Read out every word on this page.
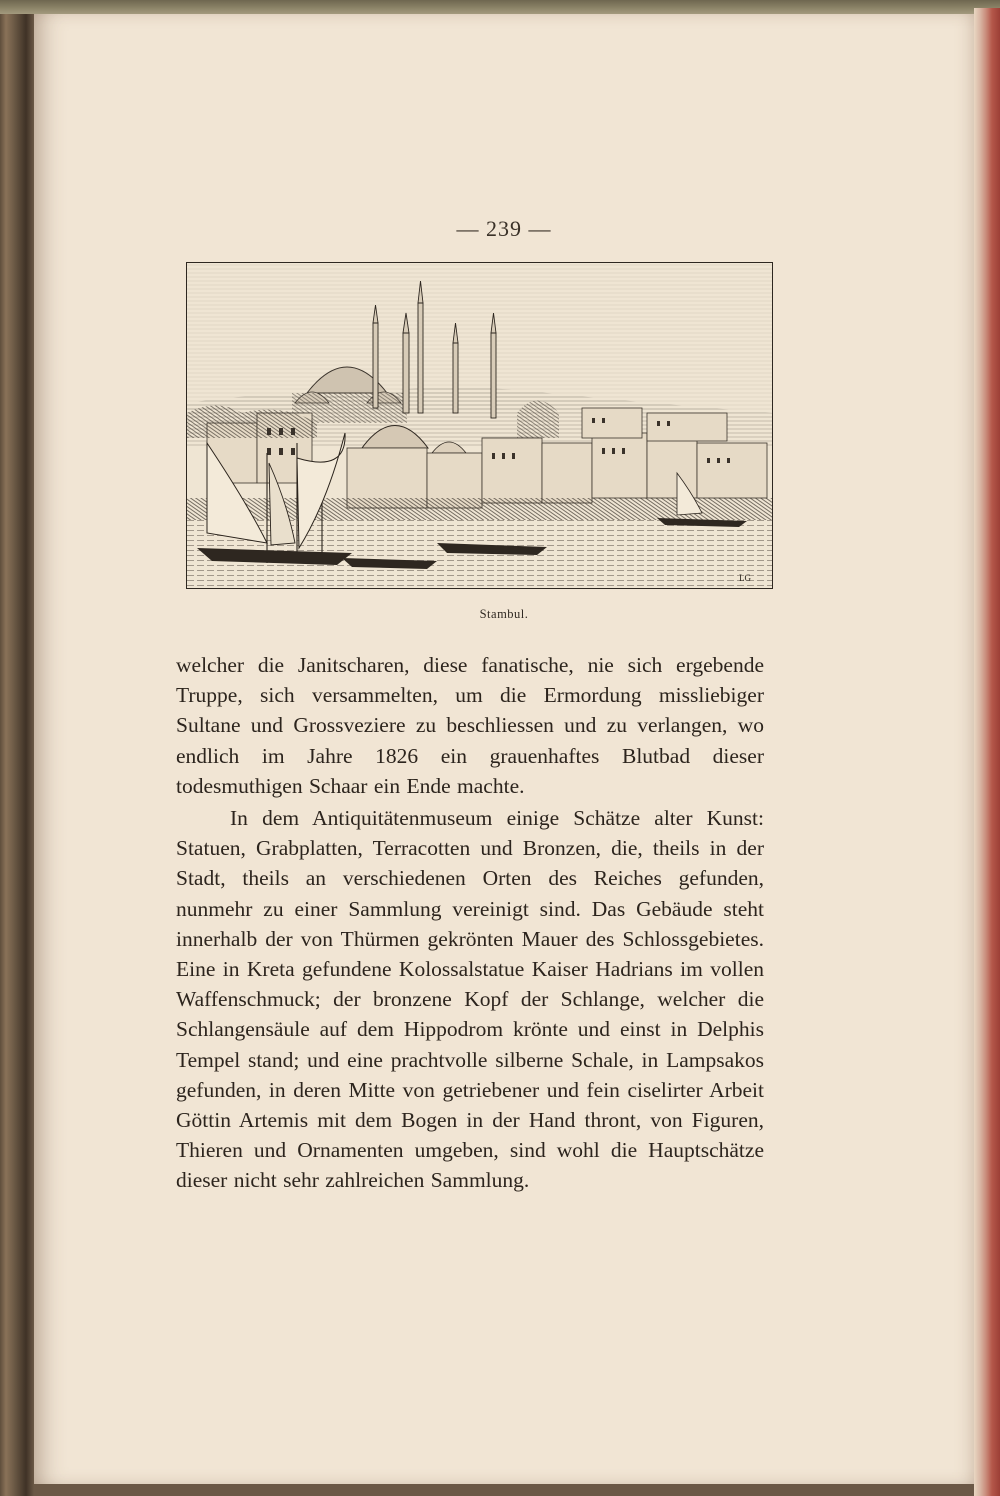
— 239 —
LG
Stambul.
welcher die Janitscharen, diese fanatische, nie sich ergebende Truppe, sich versammelten, um die Ermordung missliebiger Sultane und Grossveziere zu beschliessen und zu verlangen, wo endlich im Jahre 1826 ein grauenhaftes Blutbad dieser todesmuthigen Schaar ein Ende machte.
In dem Antiquitätenmuseum einige Schätze alter Kunst: Statuen, Grabplatten, Terracotten und Bronzen, die, theils in der Stadt, theils an verschiedenen Orten des Reiches gefunden, nunmehr zu einer Sammlung vereinigt sind. Das Gebäude steht innerhalb der von Thürmen gekrönten Mauer des Schlossgebietes. Eine in Kreta gefundene Kolossalstatue Kaiser Hadrians im vollen Waffenschmuck; der bronzene Kopf der Schlange, welcher die Schlangensäule auf dem Hippodrom krönte und einst in Delphis Tempel stand; und eine prachtvolle silberne Schale, in Lampsakos gefunden, in deren Mitte von getriebener und fein ciselirter Arbeit Göttin Artemis mit dem Bogen in der Hand thront, von Figuren, Thieren und Ornamenten umgeben, sind wohl die Hauptschätze dieser nicht sehr zahlreichen Sammlung.
